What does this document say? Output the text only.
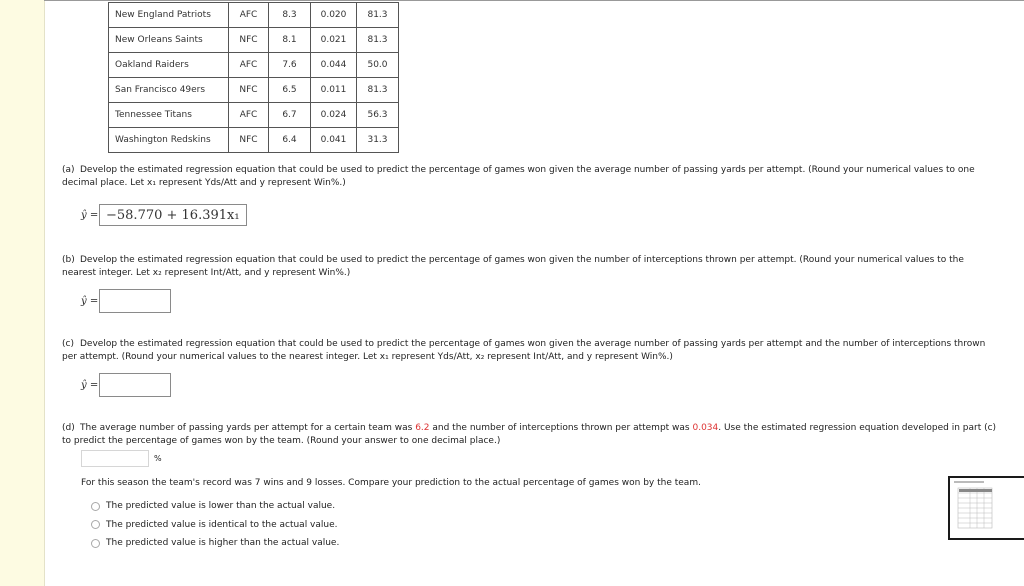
New England Patriots	AFC	8.3	0.020	81.3
New Orleans Saints	NFC	8.1	0.021	81.3
Oakland Raiders	AFC	7.6	0.044	50.0
San Francisco 49ers	NFC	6.5	0.011	81.3
Tennessee Titans	AFC	6.7	0.024	56.3
Washington Redskins	NFC	6.4	0.041	31.3
(a) Develop the estimated regression equation that could be used to predict the percentage of games won given the average number of passing yards per attempt. (Round your numerical values to one decimal place. Let x₁ represent Yds/Att and y represent Win%.)
ŷ = −58.770 + 16.391x₁
(b) Develop the estimated regression equation that could be used to predict the percentage of games won given the number of interceptions thrown per attempt. (Round your numerical values to the nearest integer. Let x₂ represent Int/Att, and y represent Win%.)
ŷ =
(c) Develop the estimated regression equation that could be used to predict the percentage of games won given the average number of passing yards per attempt and the number of interceptions thrown per attempt. (Round your numerical values to the nearest integer. Let x₁ represent Yds/Att, x₂ represent Int/Att, and y represent Win%.)
ŷ =
(d) The average number of passing yards per attempt for a certain team was 6.2 and the number of interceptions thrown per attempt was 0.034. Use the estimated regression equation developed in part (c) to predict the percentage of games won by the team. (Round your answer to one decimal place.)
%
For this season the team's record was 7 wins and 9 losses. Compare your prediction to the actual percentage of games won by the team.
The predicted value is lower than the actual value.
The predicted value is identical to the actual value.
The predicted value is higher than the actual value.
